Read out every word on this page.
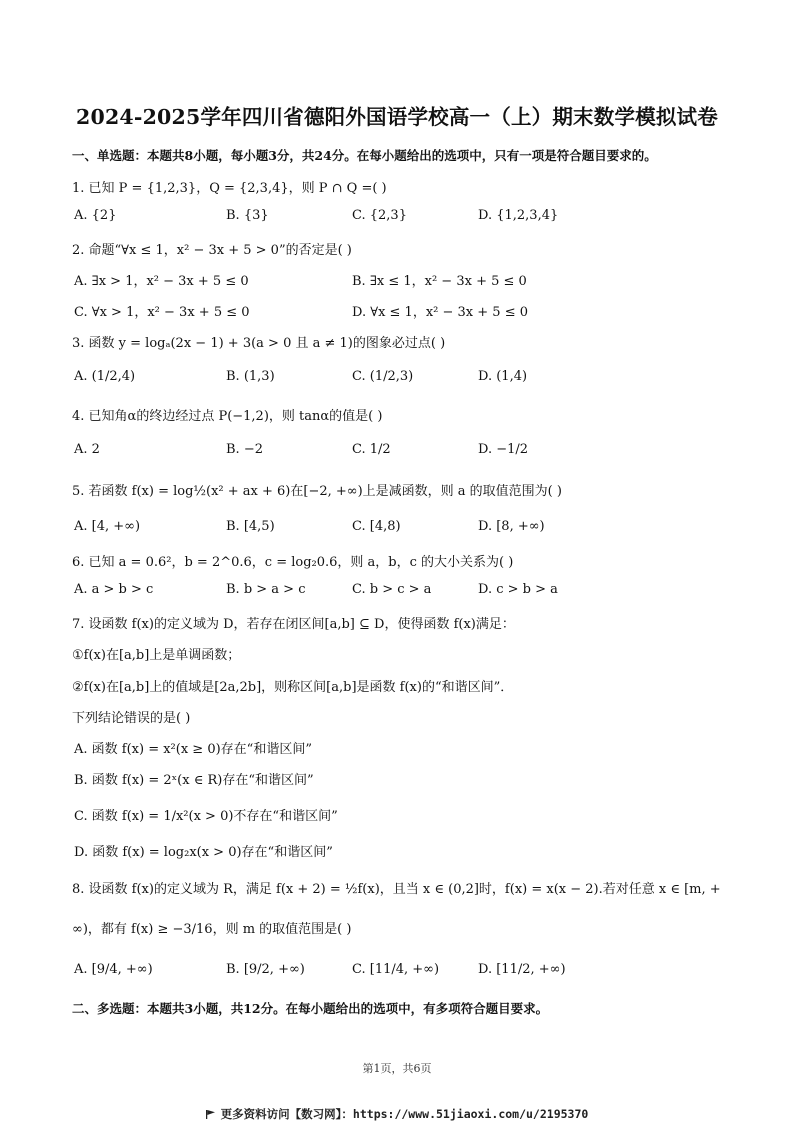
2024-2025学年四川省德阳外国语学校高一（上）期末数学模拟试卷
一、单选题：本题共8小题，每小题3分，共24分。在每小题给出的选项中，只有一项是符合题目要求的。
1. 已知 P = {1,2,3}，Q = {2,3,4}，则 P ∩ Q =( )
A. {2}	B. {3}	C. {2,3}	D. {1,2,3,4}
2. 命题“∀x ≤ 1，x² − 3x + 5 > 0”的否定是( )
A. ∃x > 1，x² − 3x + 5 ≤ 0	B. ∃x ≤ 1，x² − 3x + 5 ≤ 0
C. ∀x > 1，x² − 3x + 5 ≤ 0	D. ∀x ≤ 1，x² − 3x + 5 ≤ 0
3. 函数 y = logₐ(2x − 1) + 3(a > 0 且 a ≠ 1)的图象必过点( )
A. (1/2,4)	B. (1,3)	C. (1/2,3)	D. (1,4)
4. 已知角α的终边经过点 P(−1,2)，则 tanα的值是( )
A. 2	B. −2	C. 1/2	D. −1/2
5. 若函数 f(x) = log½(x² + ax + 6)在[−2, +∞)上是减函数，则 a 的取值范围为( )
A. [4, +∞)	B. [4,5)	C. [4,8)	D. [8, +∞)
6. 已知 a = 0.6²，b = 2^0.6，c = log₂0.6，则 a，b，c 的大小关系为( )
A. a > b > c	B. b > a > c	C. b > c > a	D. c > b > a
7. 设函数 f(x)的定义域为 D，若存在闭区间[a,b] ⊆ D，使得函数 f(x)满足：
①f(x)在[a,b]上是单调函数；
②f(x)在[a,b]上的值域是[2a,2b]，则称区间[a,b]是函数 f(x)的“和谐区间”．
下列结论错误的是( )
A. 函数 f(x) = x²(x ≥ 0)存在“和谐区间”
B. 函数 f(x) = 2ˣ(x ∈ R)存在“和谐区间”
C. 函数 f(x) = 1/x²(x > 0)不存在“和谐区间”
D. 函数 f(x) = log₂x(x > 0)存在“和谐区间”
8. 设函数 f(x)的定义域为 R，满足 f(x + 2) = ½f(x)，且当 x ∈ (0,2]时，f(x) = x(x − 2).若对任意 x ∈ [m, +
∞)，都有 f(x) ≥ −3/16，则 m 的取值范围是( )
A. [9/4, +∞)	B. [9/2, +∞)	C. [11/4, +∞)	D. [11/2, +∞)
二、多选题：本题共3小题，共12分。在每小题给出的选项中，有多项符合题目要求。
第1页，共6页
更多资料访问【数习网】：https://www.51jiaoxi.com/u/2195370
